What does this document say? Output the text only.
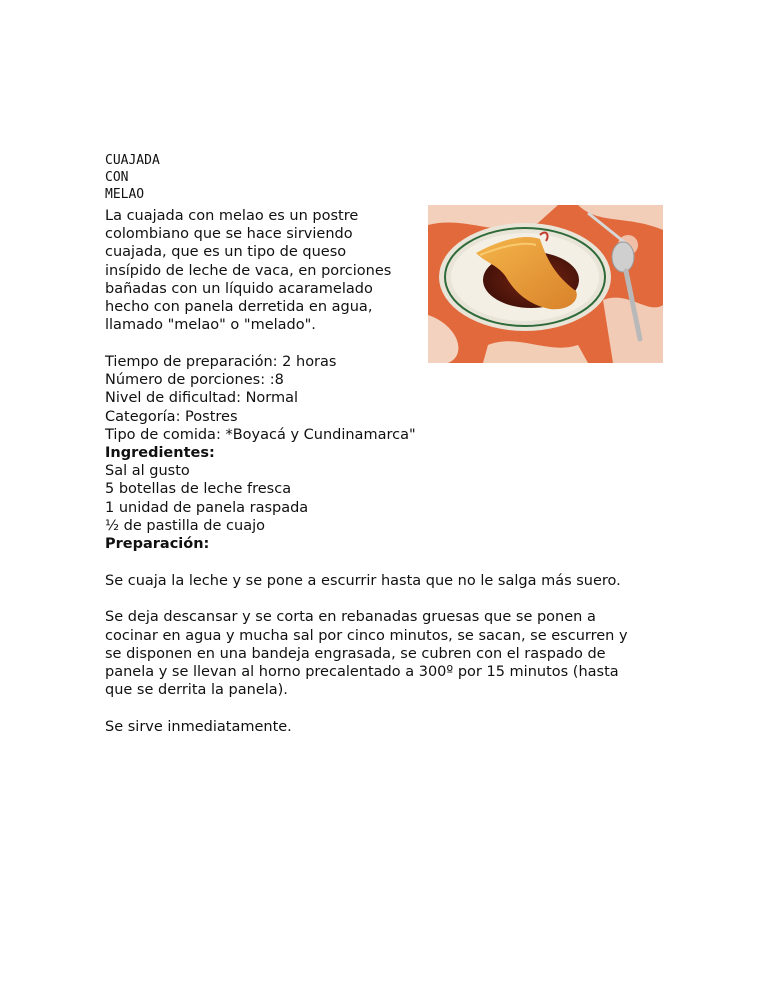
CUAJADA
CON
MELAO
La cuajada con melao es un postre
colombiano que se hace sirviendo
cuajada, que es un tipo de queso
insípido de leche de vaca, en porciones
bañadas con un líquido acaramelado
hecho con panela derretida en agua,
llamado "melao" o "melado".
Tiempo de preparación: 2 horas
Número de porciones: :8
Nivel de dificultad: Normal
Categoría: Postres
Tipo de comida: *Boyacá y Cundinamarca"
Ingredientes:
Sal al gusto
5 botellas de leche fresca
1 unidad de panela raspada
½ de pastilla de cuajo
Preparación:
Se cuaja la leche y se pone a escurrir hasta que no le salga más suero.
Se deja descansar y se corta en rebanadas gruesas que se ponen a
cocinar en agua y mucha sal por cinco minutos, se sacan, se escurren y
se disponen en una bandeja engrasada, se cubren con el raspado de
panela y se llevan al horno precalentado a 300º por 15 minutos (hasta
que se derrita la panela).
Se sirve inmediatamente.
